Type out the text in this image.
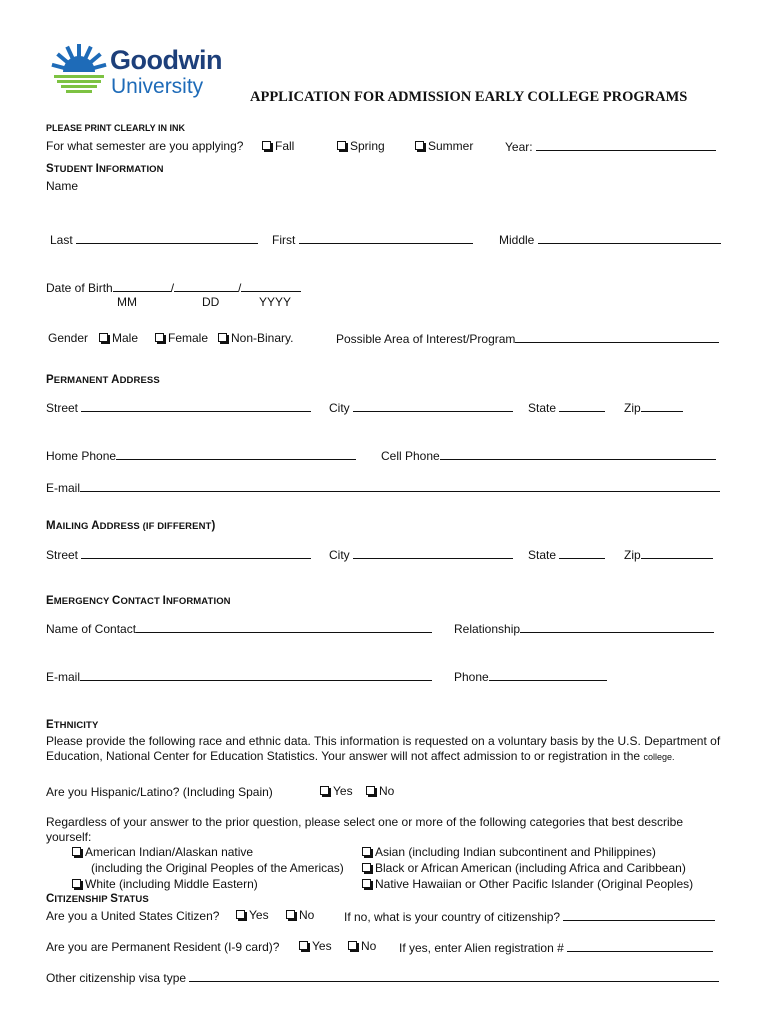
Goodwin
University	APPLICATION FOR ADMISSION EARLY COLLEGE PROGRAMS
PLEASE PRINT CLEARLY IN INK
For what semester are you applying?	Fall	Spring	Summer	Year:
STUDENT INFORMATION
Name
Last	First	Middle
Date of Birth	/	/
MM	DD	YYYY
Gender	Male	Female	Non-Binary.	Possible Area of Interest/Program
PERMANENT ADDRESS
Street	City	State	Zip
Home Phone	Cell Phone
E-mail
MAILING ADDRESS (IF DIFFERENT)
Street	City	State	Zip
EMERGENCY CONTACT INFORMATION
Name of Contact	Relationship
E-mail	Phone
ETHNICITY
Please provide the following race and ethnic data. This information is requested on a voluntary basis by the U.S. Department of Education, National Center for Education Statistics. Your answer will not affect admission to or registration in the college.
Are you Hispanic/Latino? (Including Spain)	Yes	No
Regardless of your answer to the prior question, please select one or more of the following categories that best describe yourself:
American Indian/Alaskan native
(including the Original Peoples of the Americas)
White (including Middle Eastern)
Asian (including Indian subcontinent and Philippines)
Black or African American (including Africa and Caribbean)
Native Hawaiian or Other Pacific Islander (Original Peoples)
CITIZENSHIP STATUS
Are you a United States Citizen?	Yes	No If no, what is your country of citizenship?
Are you are Permanent Resident (I-9 card)?	Yes	No If yes, enter Alien registration #
Other citizenship visa type
